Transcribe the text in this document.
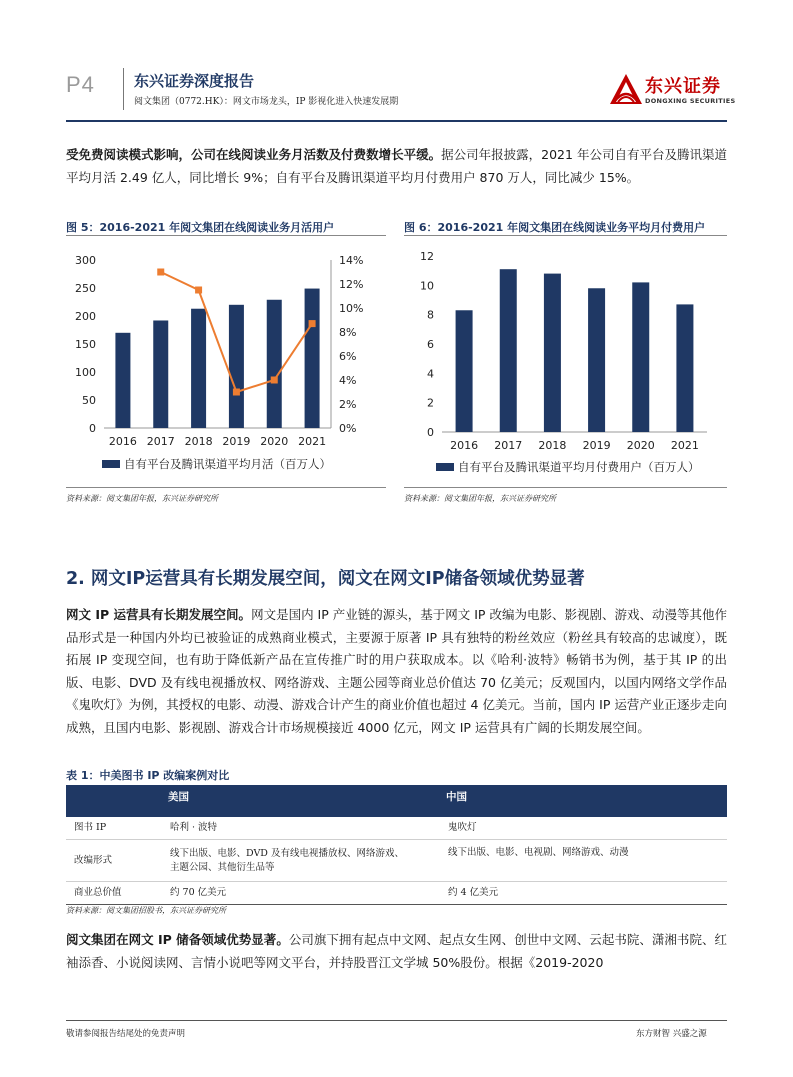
P4	东兴证券深度报告
阅文集团（0772.HK）：网文市场龙头，IP 影视化进入快速发展期
东兴证券
DONGXING SECURITIES
受免费阅读模式影响，公司在线阅读业务月活数及付费数增长平缓。据公司年报披露，2021 年公司自有平台及腾讯渠道平均月活 2.49 亿人，同比增长 9%；自有平台及腾讯渠道平均月付费用户 870 万人，同比减少 15%。
图 5：2016-2021 年阅文集团在线阅读业务月活用户
300
250
200
150
100
50
0
14%
12%
10%
8%
6%
4%
2%
0%
2016 2017 2018 2019 2020 2021
自有平台及腾讯渠道平均月活（百万人）
资料来源：阅文集团年报，东兴证券研究所
图 6：2016-2021 年阅文集团在线阅读业务平均月付费用户
12
10
8
6
4
2
0
2016 2017 2018 2019 2020 2021
自有平台及腾讯渠道平均月付费用户（百万人）
资料来源：阅文集团年报，东兴证券研究所
2. 网文IP运营具有长期发展空间，阅文在网文IP储备领域优势显著
网文 IP 运营具有长期发展空间。网文是国内 IP 产业链的源头，基于网文 IP 改编为电影、影视剧、游戏、动漫等其他作品形式是一种国内外均已被验证的成熟商业模式，主要源于原著 IP 具有独特的粉丝效应（粉丝具有较高的忠诚度），既拓展 IP 变现空间，也有助于降低新产品在宣传推广时的用户获取成本。以《哈利·波特》畅销书为例，基于其 IP 的出版、电影、DVD 及有线电视播放权、网络游戏、主题公园等商业总价值达 70 亿美元；反观国内，以国内网络文学作品《鬼吹灯》为例，其授权的电影、动漫、游戏合计产生的商业价值也超过 4 亿美元。当前，国内 IP 运营产业正逐步走向成熟，且国内电影、影视剧、游戏合计市场规模接近 4000 亿元，网文 IP 运营具有广阔的长期发展空间。
表 1：中美图书 IP 改编案例对比
	美国	中国
图书 IP	哈利 · 波特	鬼吹灯
改编形式	线下出版、电影、DVD 及有线电视播放权、网络游戏、主题公园、其他衍生品等	线下出版、电影、电视剧、网络游戏、动漫
商业总价值	约 70 亿美元	约 4 亿美元
资料来源：阅文集团招股书，东兴证券研究所
阅文集团在网文 IP 储备领域优势显著。公司旗下拥有起点中文网、起点女生网、创世中文网、云起书院、潇湘书院、红袖添香、小说阅读网、言情小说吧等网文平台，并持股晋江文学城 50%股份。根据《2019-2020
敬请参阅报告结尾处的免责声明	东方财智 兴盛之源
